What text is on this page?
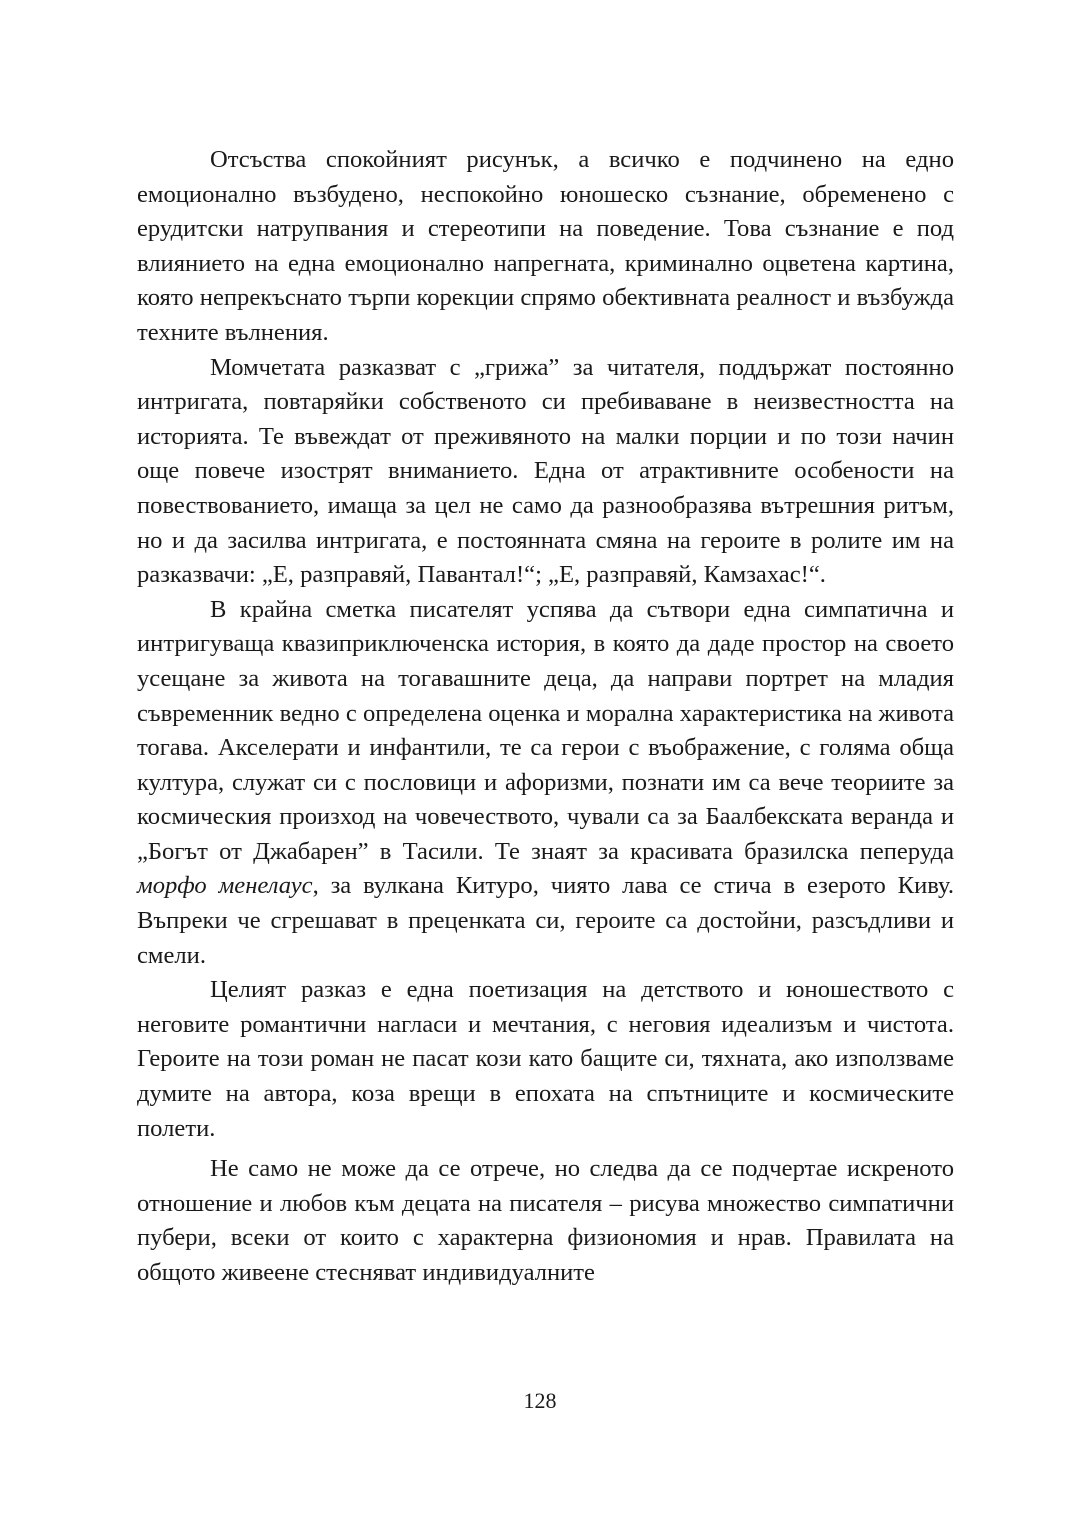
Отсъства спокойният рисунък, а всичко е подчинено на едно емоционално възбудено, неспокойно юношеско съзнание, обременено с ерудитски натрупвания и стереотипи на поведение. Това съзнание е под влиянието на една емоционално напрегната, криминално оцветена картина, която непрекъснато търпи корекции спрямо обективната реалност и възбужда техните вълнения.

Момчетата разказват с „грижа” за читателя, поддържат постоянно интригата, повтаряйки собственото си пребиваване в неизвестността на историята. Те въвеждат от преживяното на малки порции и по този начин още повече изострят вниманието. Една от атрактивните особености на повествованието, имаща за цел не само да разнообразява вътрешния ритъм, но и да засилва интригата, е постоянната смяна на героите в ролите им на разказвачи: „Е, разправяй, Павантал!“; „Е, разправяй, Камзахас!“.

В крайна сметка писателят успява да сътвори една симпатична и интригуваща квазиприключенска история, в която да даде простор на своето усещане за живота на тогавашните деца, да направи портрет на младия съвременник ведно с определена оценка и морална характеристика на живота тогава. Акселерати и инфантили, те са герои с въображение, с голяма обща култура, служат си с пословици и афоризми, познати им са вече теориите за космическия произход на човечеството, чували са за Баалбекската веранда и „Богът от Джабарен” в Тасили. Те знаят за красивата бразилска пеперуда морфо менелаус, за вулкана Китуро, чиято лава се стича в езерото Киву. Въпреки че сгрешават в преценката си, героите са достойни, разсъдливи и смели.

Целият разказ е една поетизация на детството и юношеството с неговите романтични нагласи и мечтания, с неговия идеализъм и чистота. Героите на този роман не пасат кози като бащите си, тяхната, ако използваме думите на автора, коза врещи в епохата на спътниците и космическите полети.

Не само не може да се отрече, но следва да се подчертае искреното отношение и любов към децата на писателя – рисува множество симпатични пубери, всеки от които с характерна физиономия и нрав. Правилата на общото живеене стесняват индивидуалните

128
